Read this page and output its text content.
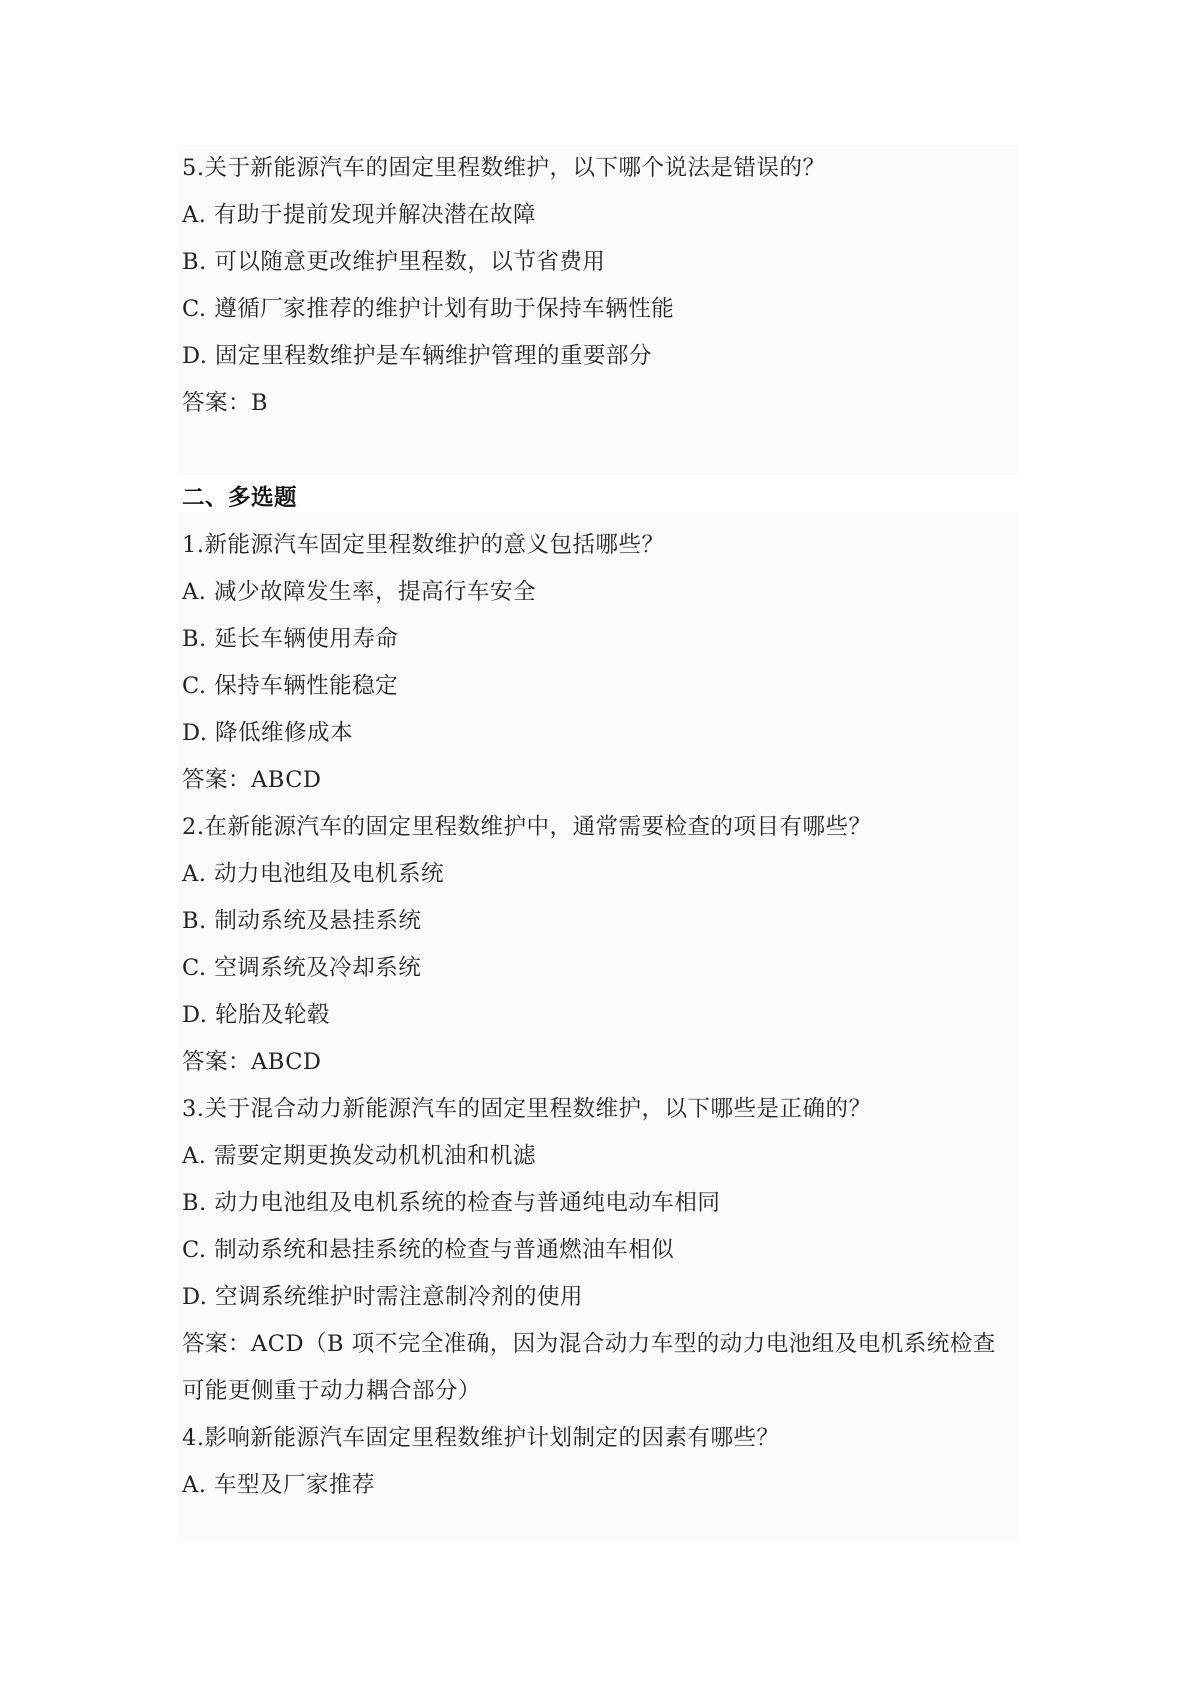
5.关于新能源汽车的固定里程数维护，以下哪个说法是错误的？
A. 有助于提前发现并解决潜在故障
B. 可以随意更改维护里程数，以节省费用
C. 遵循厂家推荐的维护计划有助于保持车辆性能
D. 固定里程数维护是车辆维护管理的重要部分
答案：B
二、多选题
1.新能源汽车固定里程数维护的意义包括哪些？
A. 减少故障发生率，提高行车安全
B. 延长车辆使用寿命
C. 保持车辆性能稳定
D. 降低维修成本
答案：ABCD
2.在新能源汽车的固定里程数维护中，通常需要检查的项目有哪些？
A. 动力电池组及电机系统
B. 制动系统及悬挂系统
C. 空调系统及冷却系统
D. 轮胎及轮毂
答案：ABCD
3.关于混合动力新能源汽车的固定里程数维护，以下哪些是正确的？
A. 需要定期更换发动机机油和机滤
B. 动力电池组及电机系统的检查与普通纯电动车相同
C. 制动系统和悬挂系统的检查与普通燃油车相似
D. 空调系统维护时需注意制冷剂的使用
答案：ACD（B 项不完全准确，因为混合动力车型的动力电池组及电机系统检查
可能更侧重于动力耦合部分）
4.影响新能源汽车固定里程数维护计划制定的因素有哪些？
A. 车型及厂家推荐
